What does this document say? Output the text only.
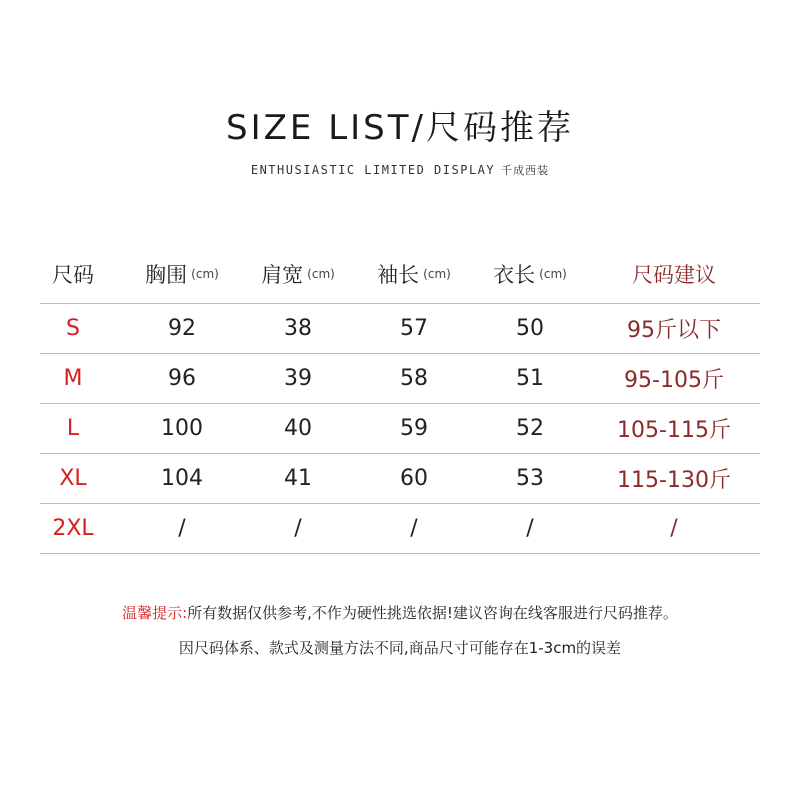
SIZE LIST/尺码推荐
ENTHUSIASTIC LIMITED DISPLAY 千成西装
尺码	胸围 (cm) 肩宽 (cm) 袖长 (cm) 衣长 (cm)	尺码建议
S	92	38	57	50	95斤以下
M	96	39	58	51	95-105斤
L	100	40	59	52	105-115斤
XL	104	41	60	53	115-130斤
2XL	/	/	/	/	/
温馨提示:所有数据仅供参考,不作为硬性挑选依据!建议咨询在线客服进行尺码推荐。
因尺码体系、款式及测量方法不同,商品尺寸可能存在1-3cm的误差
